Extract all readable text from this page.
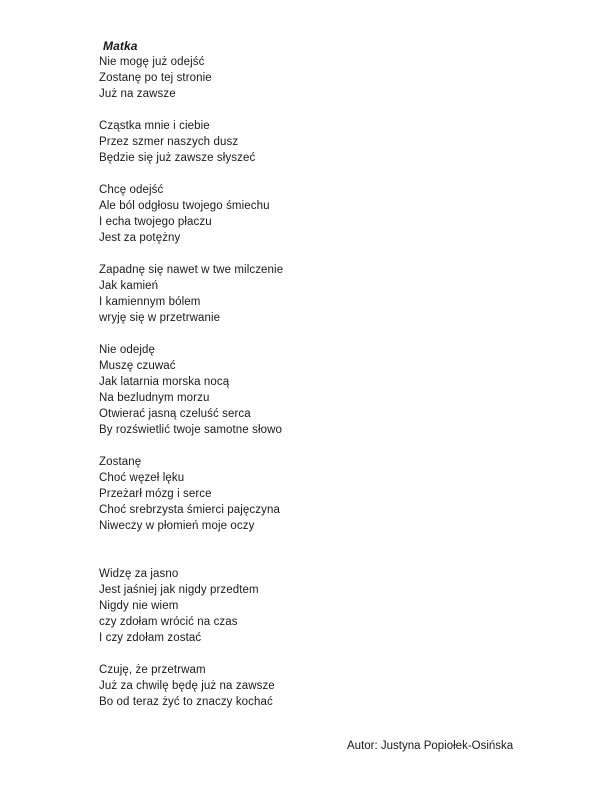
Matka
Nie mogę już odejść
Zostanę po tej stronie
Już na zawsze
Cząstka mnie i ciebie
Przez szmer naszych dusz
Będzie się już zawsze słyszeć
Chcę odejść
Ale ból odgłosu twojego śmiechu
I echa twojego płaczu
Jest za potężny
Zapadnę się nawet w twe milczenie
Jak kamień
I kamiennym bólem
wryję się w przetrwanie
Nie odejdę
Muszę czuwać
Jak latarnia morska nocą
Na bezludnym morzu
Otwierać jasną czeluść serca
By rozświetlić twoje samotne słowo
Zostanę
Choć węzeł lęku
Przeżarł mózg i serce
Choć srebrzysta śmierci pajęczyna
Niweczy w płomień moje oczy
Widzę za jasno
Jest jaśniej jak nigdy przedtem
Nigdy nie wiem
czy zdołam wrócić na czas
I czy zdołam zostać
Czuję, że przetrwam
Już za chwilę będę już na zawsze
Bo od teraz żyć to znaczy kochać
Autor: Justyna Popiołek-Osińska
